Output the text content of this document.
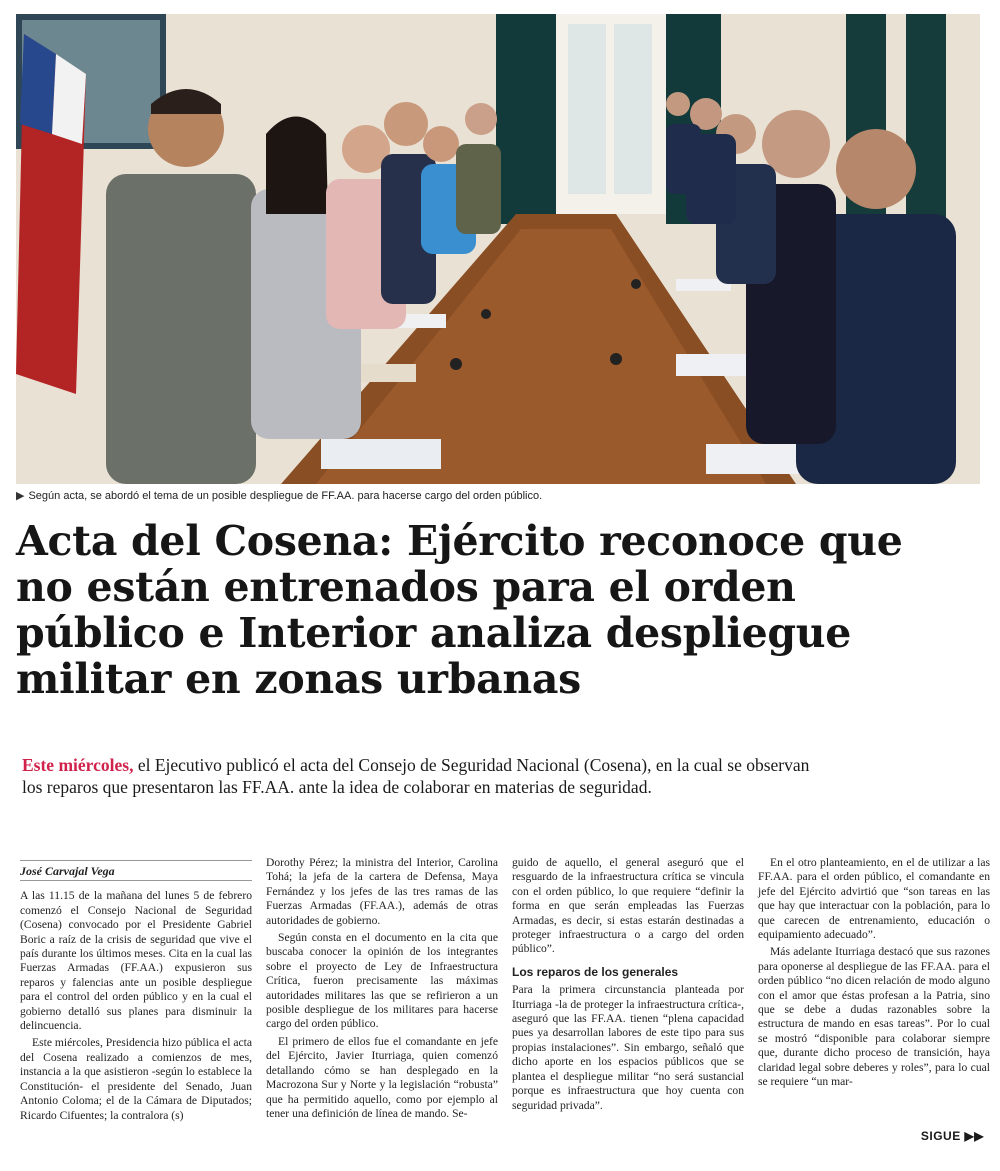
▶ Según acta, se abordó el tema de un posible despliegue de FF.AA. para hacerse cargo del orden público.
Acta del Cosena: Ejército reconoce que no están entrenados para el orden público e Interior analiza despliegue militar en zonas urbanas
Este miércoles, el Ejecutivo publicó el acta del Consejo de Seguridad Nacional (Cosena), en la cual se observan los reparos que presentaron las FF.AA. ante la idea de colaborar en materias de seguridad.
José Carvajal Vega

A las 11.15 de la mañana del lunes 5 de febrero comenzó el Consejo Nacional de Seguridad (Cosena) convocado por el Presidente Gabriel Boric a raíz de la crisis de seguridad que vive el país durante los últimos meses. Cita en la cual las Fuerzas Armadas (FF.AA.) expusieron sus reparos y falencias ante un posible despliegue para el control del orden público y en la cual el gobierno detalló sus planes para disminuir la delincuencia.

Este miércoles, Presidencia hizo pública el acta del Cosena realizado a comienzos de mes, instancia a la que asistieron -según lo establece la Constitución- el presidente del Senado, Juan Antonio Coloma; el de la Cámara de Diputados; Ricardo Cifuentes; la contralora (s)

Dorothy Pérez; la ministra del Interior, Carolina Tohá; la jefa de la cartera de Defensa, Maya Fernández y los jefes de las tres ramas de las Fuerzas Armadas (FF.AA.), además de otras autoridades de gobierno.

Según consta en el documento en la cita que buscaba conocer la opinión de los integrantes sobre el proyecto de Ley de Infraestructura Crítica, fueron precisamente las máximas autoridades militares las que se refirieron a un posible despliegue de los militares para hacerse cargo del orden público.

El primero de ellos fue el comandante en jefe del Ejército, Javier Iturriaga, quien comenzó detallando cómo se han desplegado en la Macrozona Sur y Norte y la legislación “robusta” que ha permitido aquello, como por ejemplo al tener una definición de línea de mando. Se-

guido de aquello, el general aseguró que el resguardo de la infraestructura crítica se vincula con el orden público, lo que requiere “definir la forma en que serán empleadas las Fuerzas Armadas, es decir, si estas estarán destinadas a proteger infraestructura o a cargo del orden público”.

Los reparos de los generales

Para la primera circunstancia planteada por Iturriaga -la de proteger la infraestructura crítica-, aseguró que las FF.AA. tienen “plena capacidad pues ya desarrollan labores de este tipo para sus propias instalaciones”. Sin embargo, señaló que dicho aporte en los espacios públicos que se plantea el despliegue militar “no será sustancial porque es infraestructura que hoy cuenta con seguridad privada”.

En el otro planteamiento, en el de utilizar a las FF.AA. para el orden público, el comandante en jefe del Ejército advirtió que “son tareas en las que hay que interactuar con la población, para lo que carecen de entrenamiento, educación o equipamiento adecuado”.

Más adelante Iturriaga destacó que sus razones para oponerse al despliegue de las FF.AA. para el orden público “no dicen relación de modo alguno con el amor que éstas profesan a la Patria, sino que se debe a dudas razonables sobre la estructura de mando en esas tareas”. Por lo cual se mostró “disponible para colaborar siempre que, durante dicho proceso de transición, haya claridad legal sobre deberes y roles”, para lo cual se requiere “un mar-

SIGUE ▶▶
